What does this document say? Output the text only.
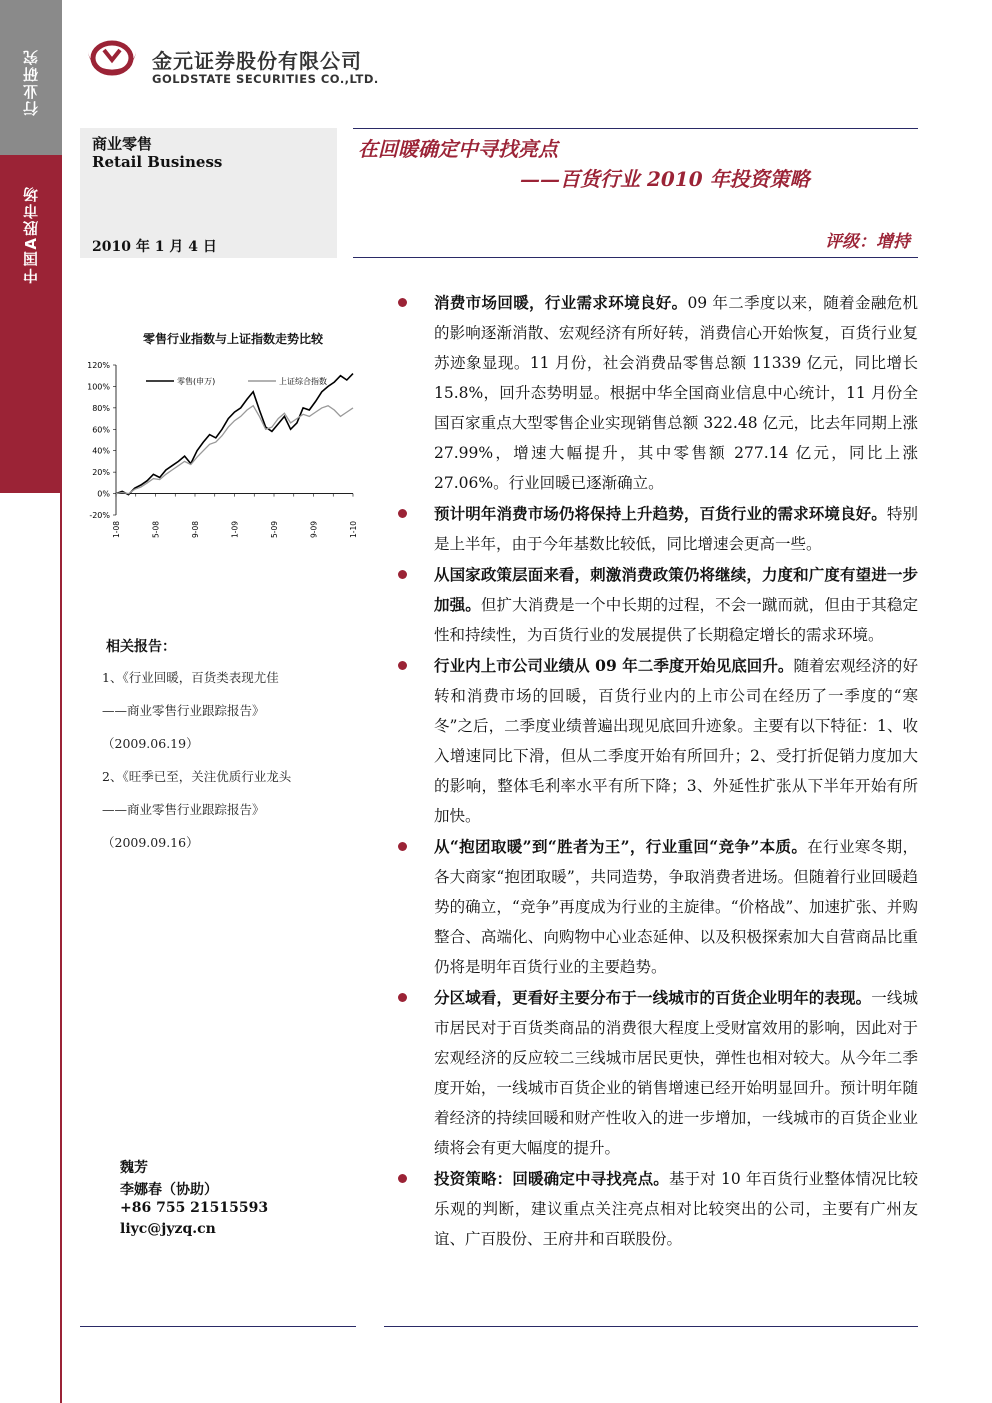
行业研究
中国A股市场
金元证券股份有限公司
GOLDSTATE SECURITIES CO.,LTD.
商业零售
Retail Business
2010 年 1 月 4 日
在回暖确定中寻找亮点
——百货行业 2010 年投资策略
评级：增持
零售行业指数与上证指数走势比较
120%
100%
80%
60%
40%
20%
0%
-20%
1-08	5-08	9-08	1-09	5-09	9-09	1-10
零售(申万)	上证综合指数
相关报告：
1、《行业回暖，百货类表现尤佳
——商业零售行业跟踪报告》
（2009.06.19）
2、《旺季已至，关注优质行业龙头
——商业零售行业跟踪报告》
（2009.09.16）
魏芳
李娜春（协助）
+86 755 21515593
liyc@jyzq.cn
消费市场回暖，行业需求环境良好。09 年二季度以来，随着金融危机的影响逐渐消散、宏观经济有所好转，消费信心开始恢复，百货行业复苏迹象显现。11 月份，社会消费品零售总额 11339 亿元，同比增长 15.8%，回升态势明显。根据中华全国商业信息中心统计，11 月份全国百家重点大型零售企业实现销售总额 322.48 亿元，比去年同期上涨 27.99%，增速大幅提升，其中零售额 277.14 亿元，同比上涨 27.06%。行业回暖已逐渐确立。
预计明年消费市场仍将保持上升趋势，百货行业的需求环境良好。特别是上半年，由于今年基数比较低，同比增速会更高一些。
从国家政策层面来看，刺激消费政策仍将继续，力度和广度有望进一步加强。但扩大消费是一个中长期的过程，不会一蹴而就，但由于其稳定性和持续性，为百货行业的发展提供了长期稳定增长的需求环境。
行业内上市公司业绩从 09 年二季度开始见底回升。随着宏观经济的好转和消费市场的回暖，百货行业内的上市公司在经历了一季度的“寒冬”之后，二季度业绩普遍出现见底回升迹象。主要有以下特征：1、收入增速同比下滑，但从二季度开始有所回升；2、受打折促销力度加大的影响，整体毛利率水平有所下降；3、外延性扩张从下半年开始有所加快。
从“抱团取暖”到“胜者为王”，行业重回“竞争”本质。在行业寒冬期，各大商家“抱团取暖”，共同造势，争取消费者进场。但随着行业回暖趋势的确立，“竞争”再度成为行业的主旋律。“价格战”、加速扩张、并购整合、高端化、向购物中心业态延伸、以及积极探索加大自营商品比重仍将是明年百货行业的主要趋势。
分区域看，更看好主要分布于一线城市的百货企业明年的表现。一线城市居民对于百货类商品的消费很大程度上受财富效用的影响，因此对于宏观经济的反应较二三线城市居民更快，弹性也相对较大。从今年二季度开始，一线城市百货企业的销售增速已经开始明显回升。预计明年随着经济的持续回暖和财产性收入的进一步增加，一线城市的百货企业业绩将会有更大幅度的提升。
投资策略：回暖确定中寻找亮点。基于对 10 年百货行业整体情况比较乐观的判断，建议重点关注亮点相对比较突出的公司，主要有广州友谊、广百股份、王府井和百联股份。
